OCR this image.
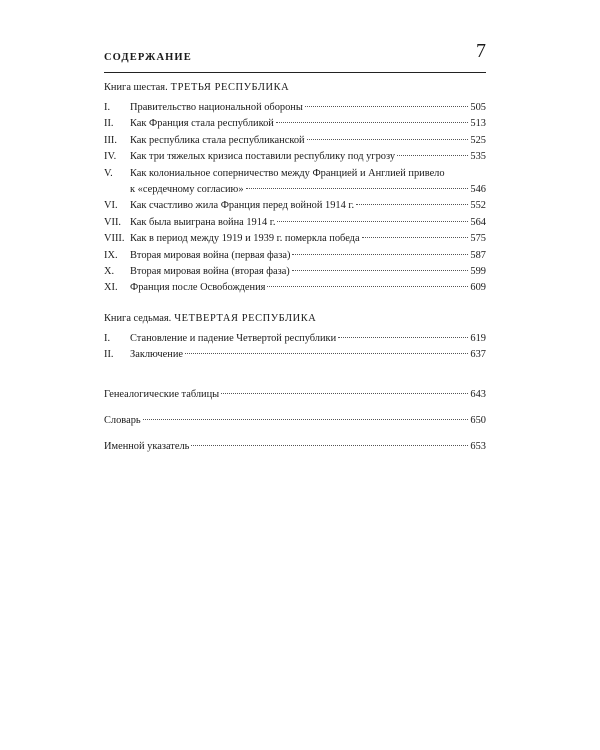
СОДЕРЖАНИЕ	7
Книга шестая. ТРЕТЬЯ РЕСПУБЛИКА
I.	Правительство национальной обороны	505
II.	Как Франция стала республикой	513
III.	Как республика стала республиканской	525
IV.	Как три тяжелых кризиса поставили республику под угрозу	535
V.	Как колониальное соперничество между Францией и Англией привело
к «сердечному согласию»	546
VI.	Как счастливо жила Франция перед войной 1914 г.	552
VII. Как была выиграна война 1914 г.	564
VIII. Как в период между 1919 и 1939 г. померкла победа	575
IX.	Вторая мировая война (первая фаза)	587
X.	Вторая мировая война (вторая фаза)	599
XI.	Франция после Освобождения	609
Книга седьмая. ЧЕТВЕРТАЯ РЕСПУБЛИКА
I.	Становление и падение Четвертой республики	619
II.	Заключение	637
Генеалогические таблицы	643
Словарь	650
Именной указатель	653
